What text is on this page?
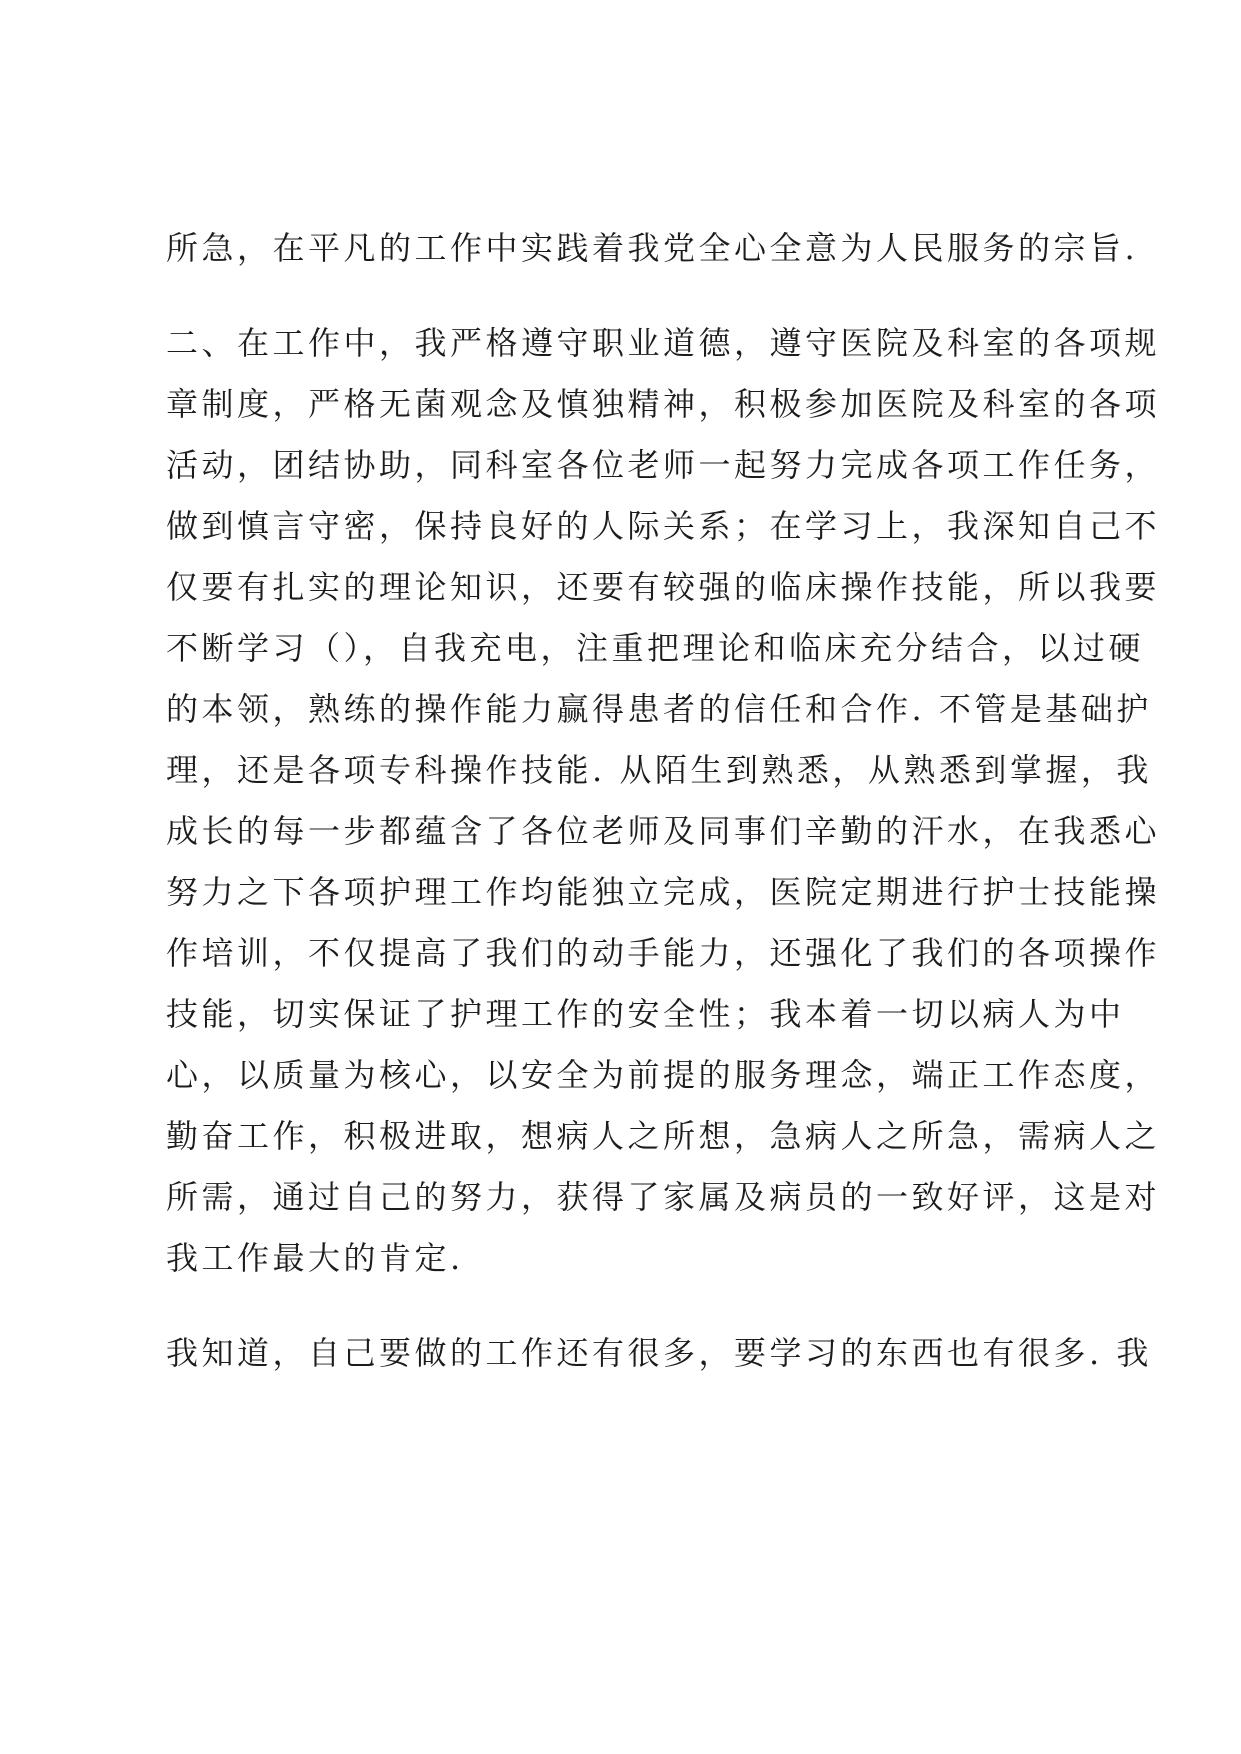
所急，在平凡的工作中实践着我党全心全意为人民服务的宗旨.

二、在工作中，我严格遵守职业道德，遵守医院及科室的各项规

章制度，严格无菌观念及慎独精神，积极参加医院及科室的各项

活动，团结协助，同科室各位老师一起努力完成各项工作任务，

做到慎言守密，保持良好的人际关系；在学习上，我深知自己不

仅要有扎实的理论知识，还要有较强的临床操作技能，所以我要

不断学习（），自我充电，注重把理论和临床充分结合，以过硬

的本领，熟练的操作能力赢得患者的信任和合作. 不管是基础护

理，还是各项专科操作技能. 从陌生到熟悉，从熟悉到掌握，我

成长的每一步都蕴含了各位老师及同事们辛勤的汗水，在我悉心

努力之下各项护理工作均能独立完成，医院定期进行护士技能操

作培训，不仅提高了我们的动手能力，还强化了我们的各项操作

技能，切实保证了护理工作的安全性；我本着一切以病人为中

心，以质量为核心，以安全为前提的服务理念，端正工作态度，

勤奋工作，积极进取，想病人之所想，急病人之所急，需病人之

所需，通过自己的努力，获得了家属及病员的一致好评，这是对

我工作最大的肯定.

我知道，自己要做的工作还有很多，要学习的东西也有很多. 我
